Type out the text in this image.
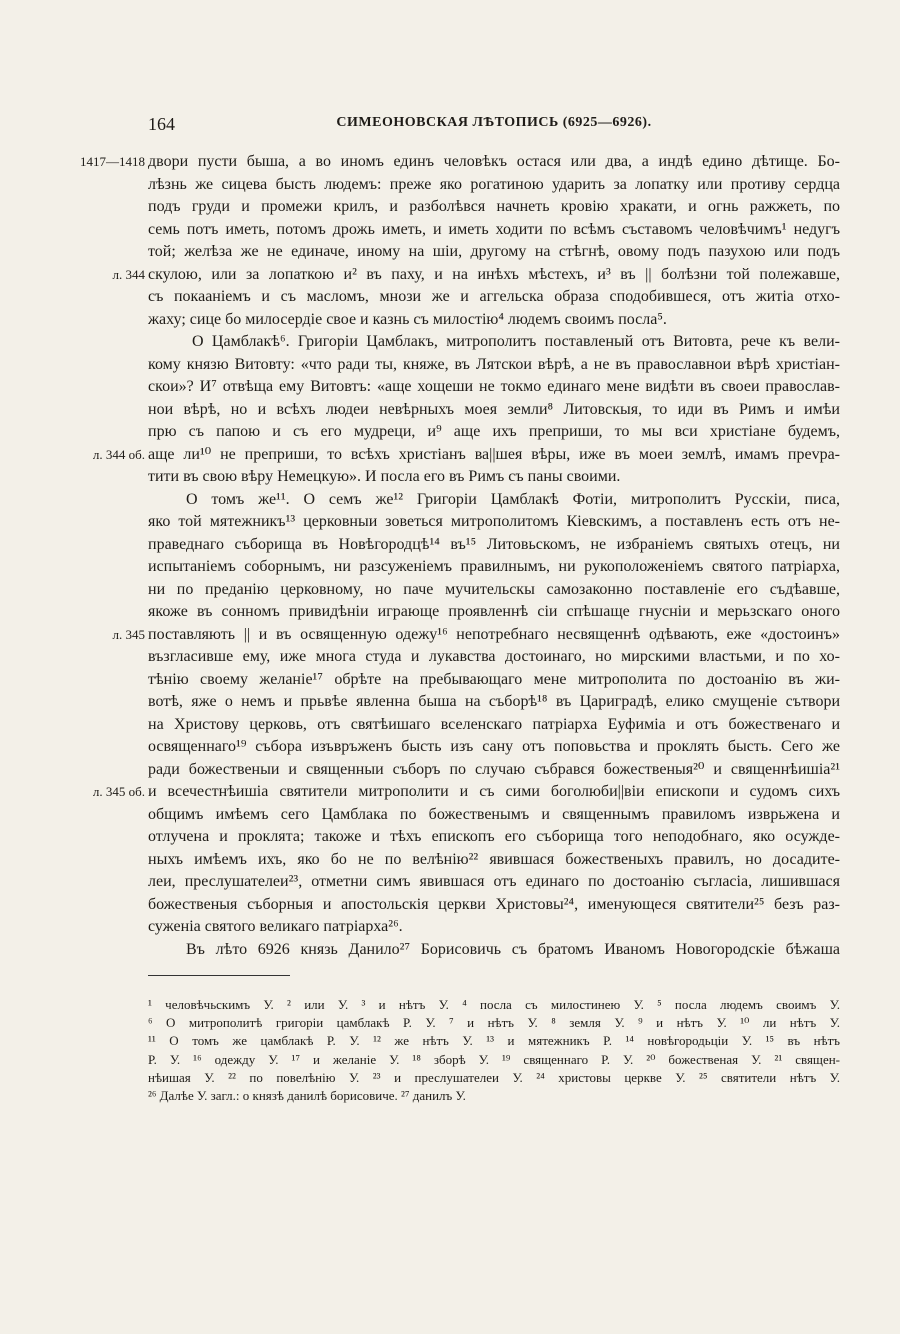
164	СИМЕОНОВСКАЯ ЛѢТОПИСЬ (6925—6926).
1417—1418 двори пусти быша, а во иномъ единъ человѣкъ остася или два, а индѣ едино дѣтище. Бо-
лѣзнь же сицева бысть людемъ: преже яко рогатиною ударить за лопатку или противу сердца
подъ груди и промежи крилъ, и разболѣвся начнеть кровію хракати, и огнь ражжеть, по
семь потъ иметь, потомъ дрожь иметь, и иметь ходити по всѣмъ съставомъ человѣчимъ¹ недугъ
той; желѣза же не единаче, иному на шіи, другому на стѣгнѣ, овому подъ пазухою или подъ
л. 344 скулою, или за лопаткою и² въ паху, и на инѣхъ мѣстехъ, и³ въ || болѣзни той полежавше,
съ покааніемъ и съ масломъ, мнози же и аггельска образа сподобившеся, отъ житіа отхо-
жаху; сице бо милосердіе свое и казнь съ милостію⁴ людемъ своимъ посла⁵.
О Цамблакѣ⁶. Григоріи Цамблакъ, митрополитъ поставленый отъ Витовта, рече къ вели-
кому князю Витовту: «что ради ты, княже, въ Лятскои вѣрѣ, а не въ православнои вѣрѣ христіан-
скои»? И⁷ отвѣща ему Витовтъ: «аще хощеши не токмо единаго мене видѣти въ своеи православ-
нои вѣрѣ, но и всѣхъ людеи невѣрныхъ моея земли⁸ Литовскыя, то иди въ Римъ и имѣи
прю съ папою и съ его мудреци, и⁹ аще ихъ преприши, то мы вси христіане будемъ,
л. 344 об. аще ли¹⁰ не преприши, то всѣхъ христіанъ ва||шея вѣры, иже въ моеи землѣ, имамъ прevра-
тити въ свою вѣру Немецкую». И посла его въ Римъ съ паны своими.
О томъ же¹¹. О семъ же¹² Григоріи Цамблакѣ Фотіи, митрополитъ Русскіи, писа,
яко той мятежникъ¹³ церковныи зоветься митрополитомъ Кіевскимъ, а поставленъ есть отъ не-
праведнаго съборища въ Новѣгородцѣ¹⁴ въ¹⁵ Литовьскомъ, не избраніемъ святыхъ отецъ, ни
испытаніемъ соборнымъ, ни разсуженіемъ правилнымъ, ни рукоположеніемъ святого патріарха,
ни по преданію церковному, но паче мучительскы самозаконно поставленіе его съдѣавше,
якоже въ сонномъ привидѣніи играюще проявленнѣ сіи спѣшаще гнусніи и мерьзскаго оного
л. 345 поставляють || и въ освященную одежу¹⁶ непотребнаго несвященнѣ одѣвають, еже «достоинъ»
възгласивше ему, иже многа студа и лукавства достоинаго, но мирскими властьми, и по хо-
тѣнію своему желаніе¹⁷ обрѣте на пребывающаго мене митрополита по достоанію въ жи-
вотѣ, яже о немъ и прьвѣе явленна быша на съборѣ¹⁸ въ Цариградѣ, елико смущеніе сътвори
на Христову церковь, отъ святѣишаго вселенскаго патріарха Еуфиміа и отъ божественаго и
освященнаго¹⁹ събора изъвръженъ бысть изъ сану отъ поповьства и проклять бысть. Сего же
ради божественыи и священныи съборъ по случаю събрався божественыя²⁰ и священнѣишіа²¹
л. 345 об. и всечестнѣишіа святители митрополити и съ сими боголюби||віи епископи и судомъ сихъ
общимъ имѣемъ сего Цамблака по божественымъ и священнымъ правиломъ изврьжена и
отлучена и проклята; такоже и тѣхъ епископъ его съборища того неподобнаго, яко осужде-
ныхъ имѣемъ ихъ, яко бо не по велѣнію²² явившася божественыхъ правилъ, но досадите-
леи, преслушателеи²³, отметни симъ явившася отъ единаго по достоанію съгласіа, лишившася
божественыя съборныя и апостольскія церкви Христовы²⁴, именующеся святители²⁵ безъ раз-
суженіа святого великаго патріарха²⁶.
Въ лѣто 6926 князь Данило²⁷ Борисовичь съ братомъ Иваномъ Новогородскіе бѣжаша
¹ человѣчьскимъ У. ² или У. ³ и нѣтъ У. ⁴ посла съ милостинею У. ⁵ посла людемъ своимъ У.
⁶ О митрополитѣ григоріи цамблакѣ Р. У. ⁷ и нѣтъ У. ⁸ земля У. ⁹ и нѣтъ У. ¹⁰ ли нѣтъ У.
¹¹ О томъ же цамблакѣ Р. У. ¹² же нѣтъ У. ¹³ и мятежникъ Р. ¹⁴ новѣгородьціи У. ¹⁵ въ нѣтъ
Р. У. ¹⁶ одежду У. ¹⁷ и желаніе У. ¹⁸ зборѣ У. ¹⁹ священнаго Р. У. ²⁰ божественая У. ²¹ священ-
нѣишая У. ²² по повелѣнію У. ²³ и преслушателеи У. ²⁴ христовы церкве У. ²⁵ святители нѣтъ У.
²⁶ Далѣе У. загл.: о князѣ данилѣ борисовиче. ²⁷ данилъ У.
